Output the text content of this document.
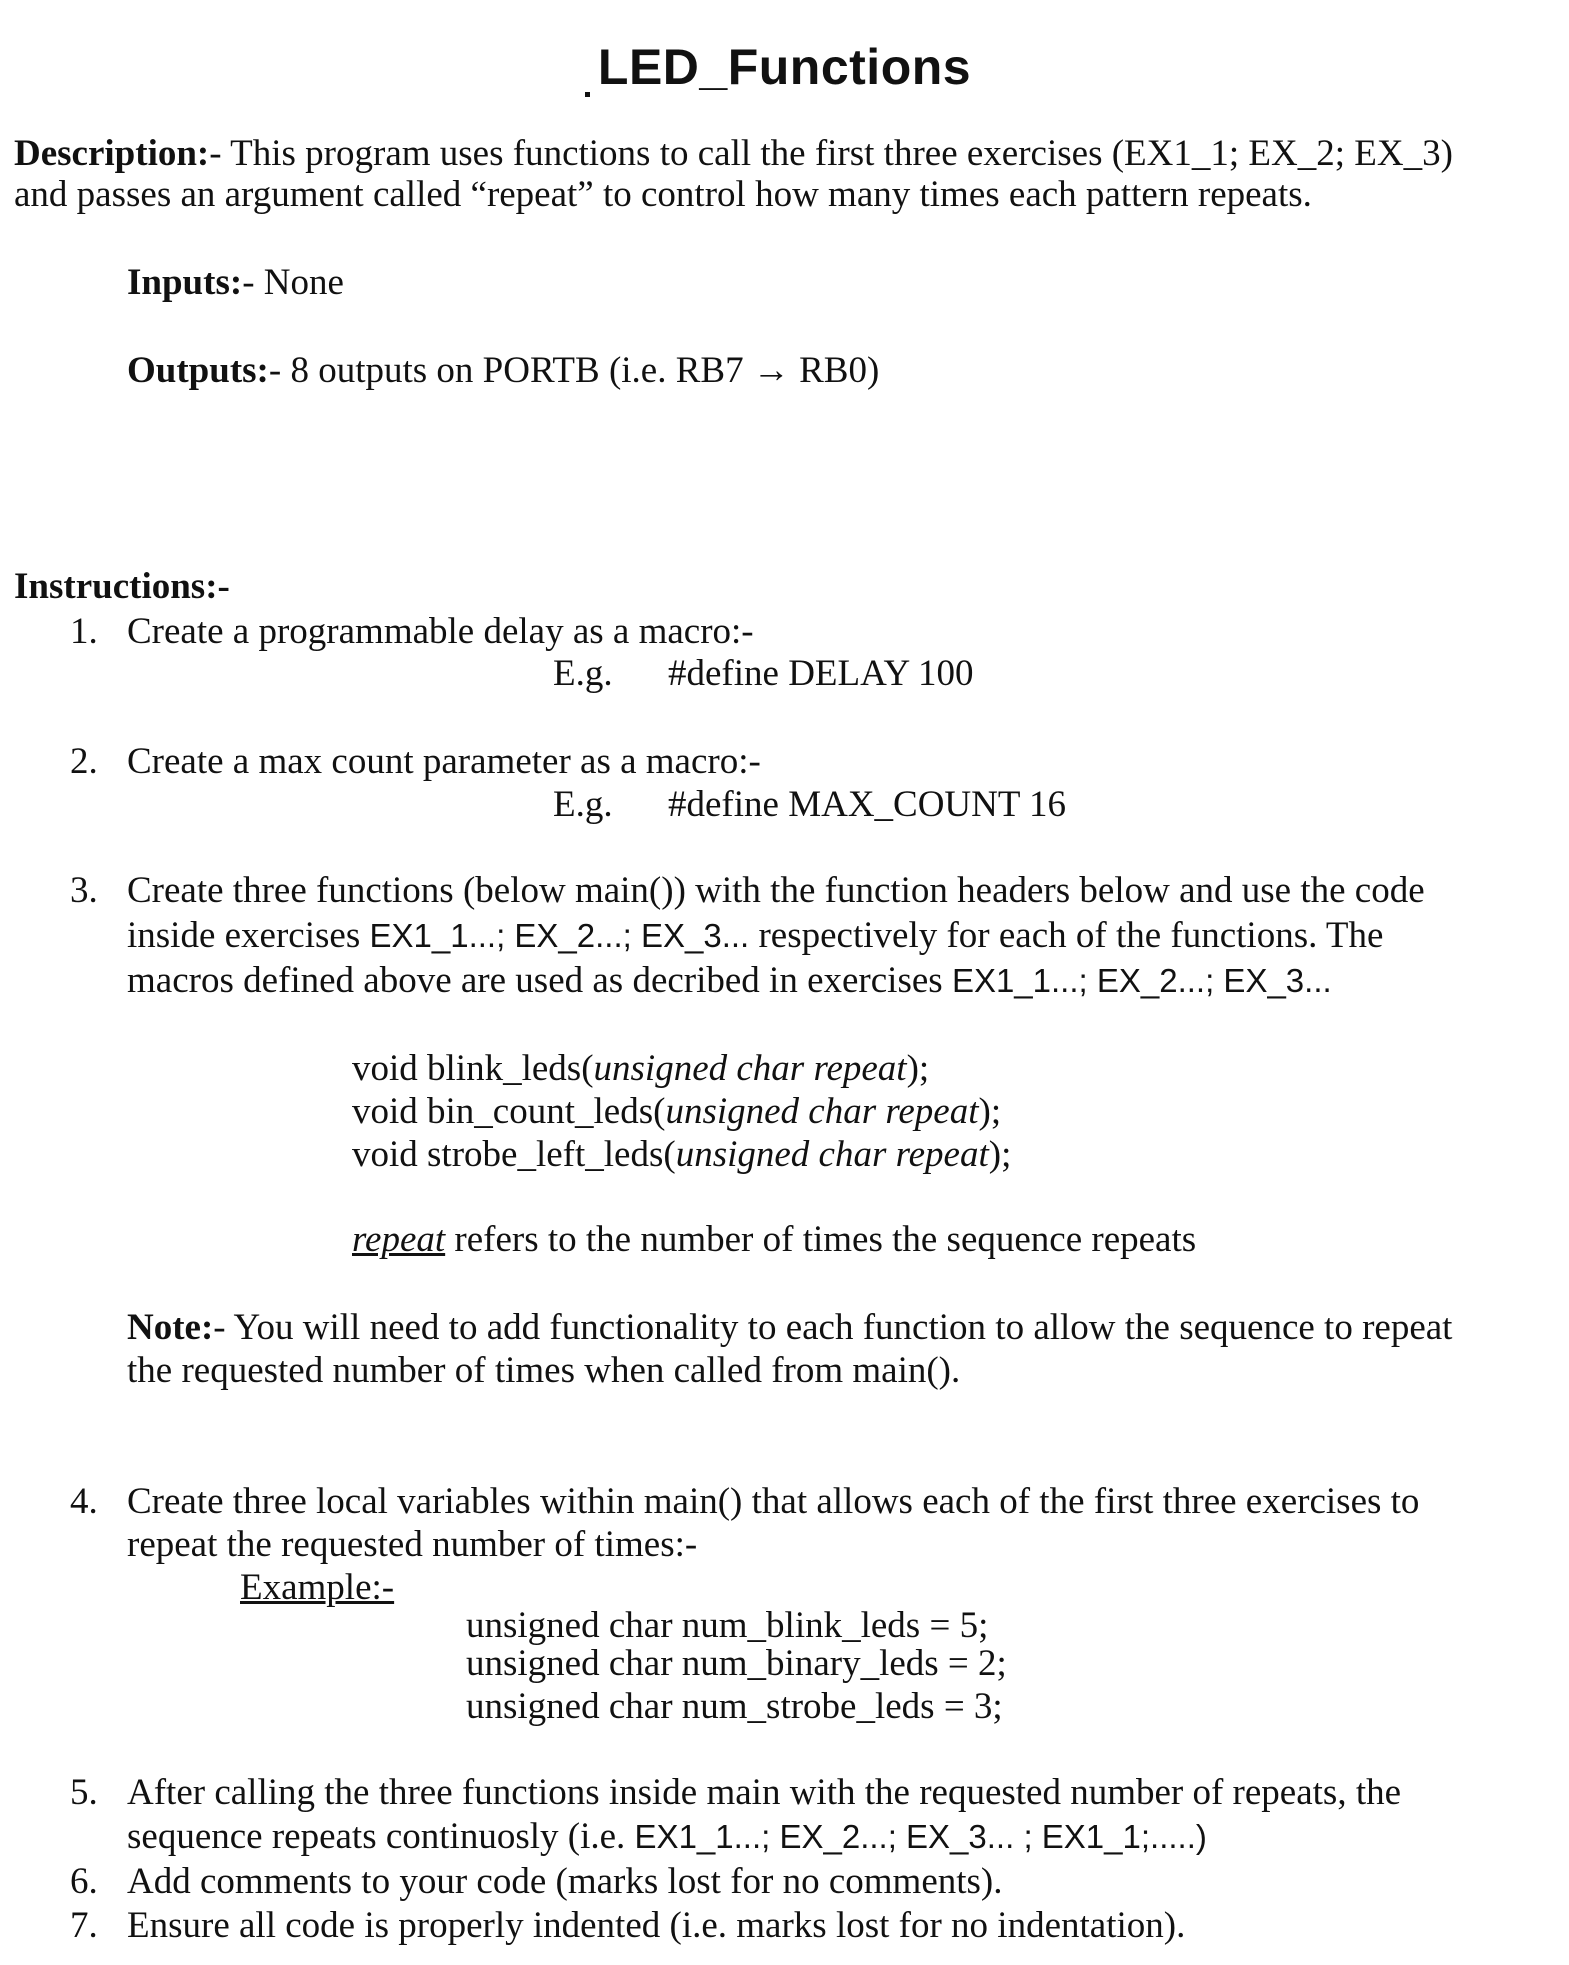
LED_Functions
Description:- This program uses functions to call the first three exercises (EX1_1; EX_2; EX_3)
and passes an argument called “repeat” to control how many times each pattern repeats.
Inputs:- None
Outputs:- 8 outputs on PORTB (i.e. RB7 → RB0)
Instructions:-
1. Create a programmable delay as a macro:-
E.g. #define DELAY 100
2. Create a max count parameter as a macro:-
E.g. #define MAX_COUNT 16
3. Create three functions (below main()) with the function headers below and use the code
inside exercises EX1_1...; EX_2...; EX_3... respectively for each of the functions. The
macros defined above are used as decribed in exercises EX1_1...; EX_2...; EX_3...
void blink_leds(unsigned char repeat);
void bin_count_leds(unsigned char repeat);
void strobe_left_leds(unsigned char repeat);
repeat refers to the number of times the sequence repeats
Note:- You will need to add functionality to each function to allow the sequence to repeat
the requested number of times when called from main().
4. Create three local variables within main() that allows each of the first three exercises to
repeat the requested number of times:-
Example:-
unsigned char num_blink_leds = 5;
unsigned char num_binary_leds = 2;
unsigned char num_strobe_leds = 3;
5. After calling the three functions inside main with the requested number of repeats, the
sequence repeats continuosly (i.e. EX1_1...; EX_2...; EX_3... ; EX1_1;.....)
6. Add comments to your code (marks lost for no comments).
7. Ensure all code is properly indented (i.e. marks lost for no indentation).
